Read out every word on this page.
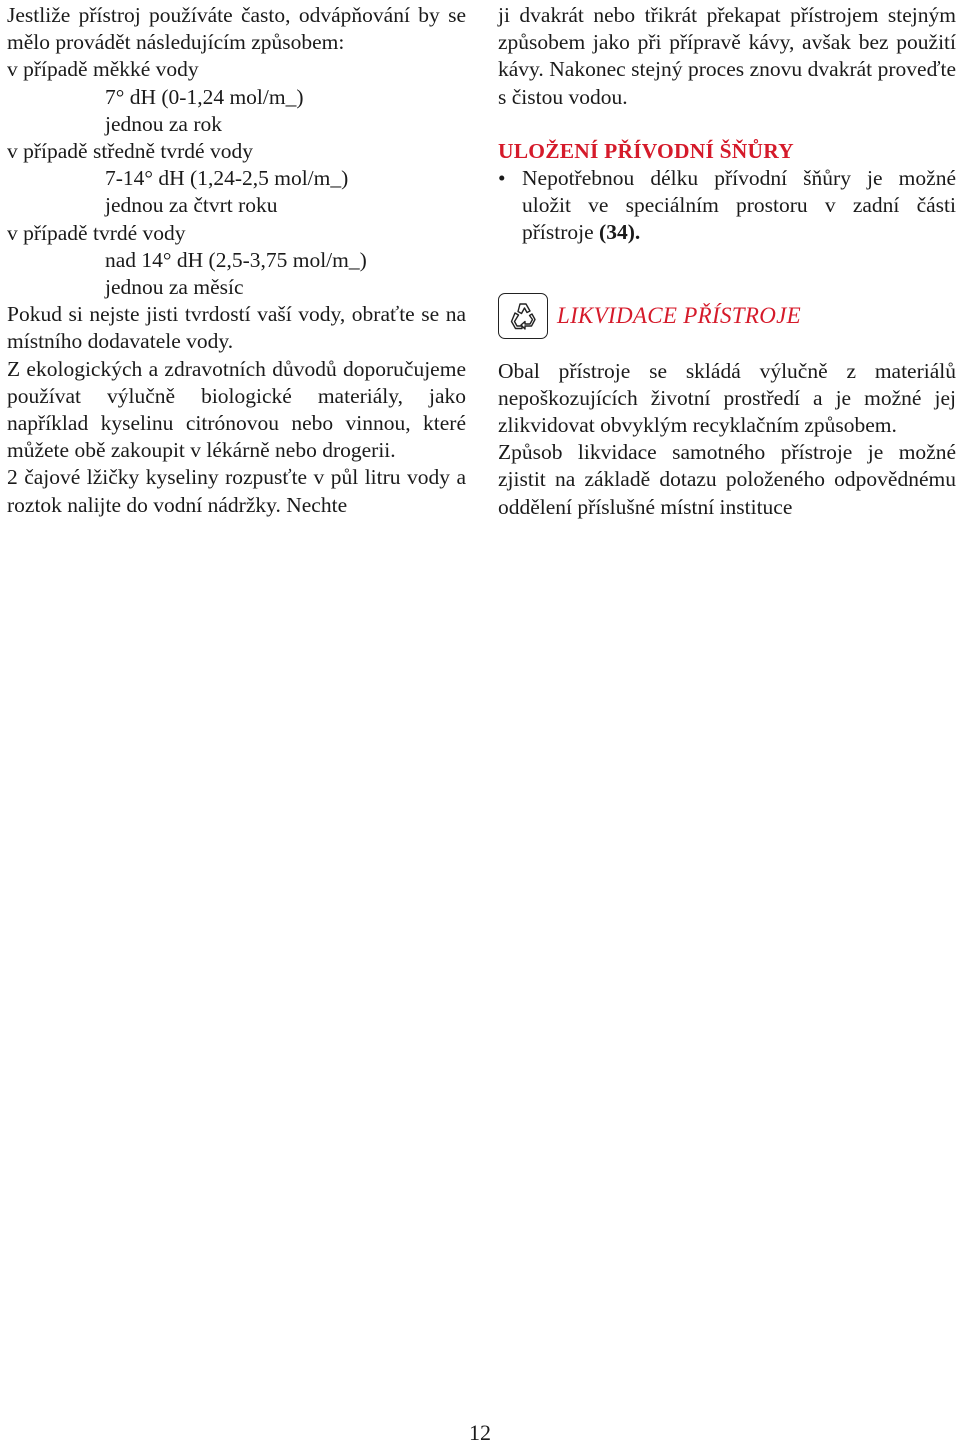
Jestliže přístroj používáte často, odvápňování by se mělo provádět následujícím způsobem:

v případě měkké vody

7° dH (0-1,24 mol/m_)

jednou za rok

v případě středně tvrdé vody

7-14° dH (1,24-2,5 mol/m_)

jednou za čtvrt roku

v případě tvrdé vody

nad 14° dH (2,5-3,75 mol/m_)

jednou za měsíc

Pokud si nejste jisti tvrdostí vaší vody, obraťte se na místního dodavatele vody.

Z ekologických a zdravotních důvodů doporučujeme používat výlučně biologické materiály, jako například kyselinu citrónovou nebo vinnou, které můžete obě zakoupit v lékárně nebo drogerii.

2 čajové lžičky kyseliny rozpusťte v půl litru vody a roztok nalijte do vodní nádržky. Nechte

ji dvakrát nebo třikrát překapat přístrojem stejným způsobem jako při přípravě kávy, avšak bez použití kávy. Nakonec stejný proces znovu dvakrát proveďte s čistou vodou.

ULOŽENÍ PŘÍVODNÍ ŠŇŮRY

• Nepotřebnou délku přívodní šňůry je možné uložit ve speciálním prostoru v zadní části přístroje (34).
LIKVIDACE PŘÍSTROJE

Obal přístroje se skládá výlučně z materiálů nepoškozujících životní prostředí a je možné jej zlikvidovat obvyklým recyklačním způsobem.

Způsob likvidace samotného přístroje je možné zjistit na základě dotazu položeného odpovědnému oddělení příslušné místní instituce

12
